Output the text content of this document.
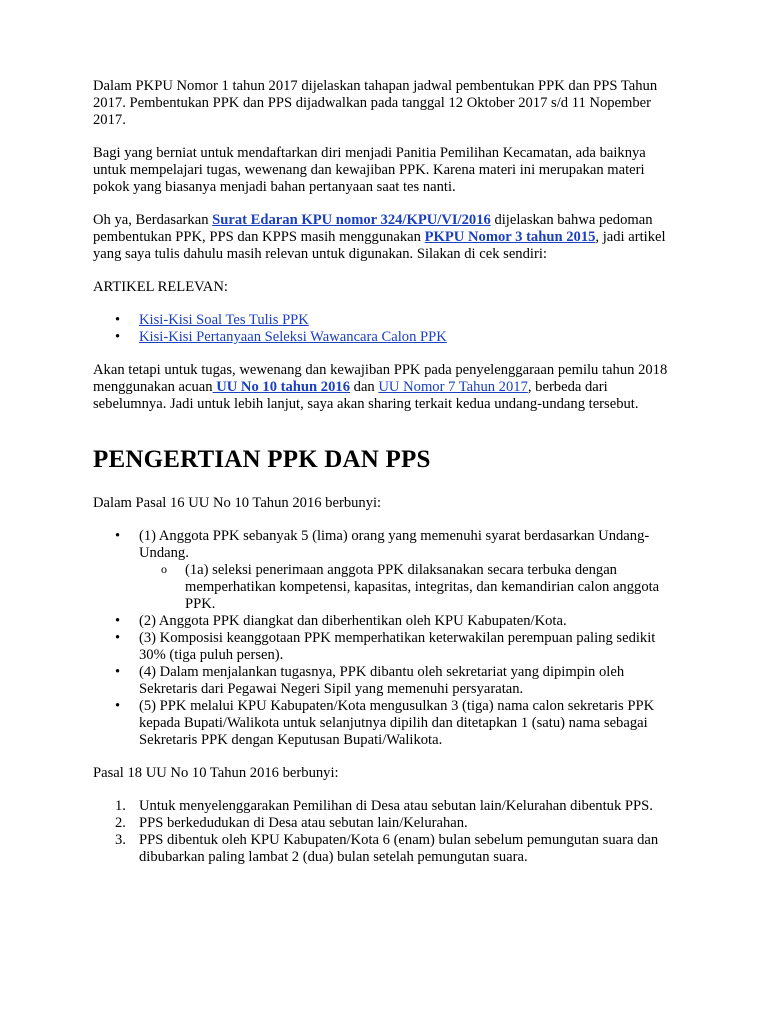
Dalam PKPU Nomor 1 tahun 2017 dijelaskan tahapan jadwal pembentukan PPK dan PPS Tahun 2017. Pembentukan PPK dan PPS dijadwalkan pada tanggal 12 Oktober 2017 s/d 11 Nopember 2017.

Bagi yang berniat untuk mendaftarkan diri menjadi Panitia Pemilihan Kecamatan, ada baiknya untuk mempelajari tugas, wewenang dan kewajiban PPK. Karena materi ini merupakan materi pokok yang biasanya menjadi bahan pertanyaan saat tes nanti.

Oh ya, Berdasarkan Surat Edaran KPU nomor 324/KPU/VI/2016 dijelaskan bahwa pedoman pembentukan PPK, PPS dan KPPS masih menggunakan PKPU Nomor 3 tahun 2015, jadi artikel yang saya tulis dahulu masih relevan untuk digunakan. Silakan di cek sendiri:

ARTIKEL RELEVAN:

• Kisi-Kisi Soal Tes Tulis PPK
• Kisi-Kisi Pertanyaan Seleksi Wawancara Calon PPK

Akan tetapi untuk tugas, wewenang dan kewajiban PPK pada penyelenggaraan pemilu tahun 2018 menggunakan acuan UU No 10 tahun 2016 dan UU Nomor 7 Tahun 2017, berbeda dari sebelumnya. Jadi untuk lebih lanjut, saya akan sharing terkait kedua undang-undang tersebut.

PENGERTIAN PPK DAN PPS

Dalam Pasal 16 UU No 10 Tahun 2016 berbunyi:

• (1) Anggota PPK sebanyak 5 (lima) orang yang memenuhi syarat berdasarkan Undang-Undang.
o (1a) seleksi penerimaan anggota PPK dilaksanakan secara terbuka dengan memperhatikan kompetensi, kapasitas, integritas, dan kemandirian calon anggota PPK.
• (2) Anggota PPK diangkat dan diberhentikan oleh KPU Kabupaten/Kota.
• (3) Komposisi keanggotaan PPK memperhatikan keterwakilan perempuan paling sedikit 30% (tiga puluh persen).
• (4) Dalam menjalankan tugasnya, PPK dibantu oleh sekretariat yang dipimpin oleh Sekretaris dari Pegawai Negeri Sipil yang memenuhi persyaratan.
• (5) PPK melalui KPU Kabupaten/Kota mengusulkan 3 (tiga) nama calon sekretaris PPK kepada Bupati/Walikota untuk selanjutnya dipilih dan ditetapkan 1 (satu) nama sebagai Sekretaris PPK dengan Keputusan Bupati/Walikota.

Pasal 18 UU No 10 Tahun 2016 berbunyi:

1. Untuk menyelenggarakan Pemilihan di Desa atau sebutan lain/Kelurahan dibentuk PPS.
2. PPS berkedudukan di Desa atau sebutan lain/Kelurahan.
3. PPS dibentuk oleh KPU Kabupaten/Kota 6 (enam) bulan sebelum pemungutan suara dan dibubarkan paling lambat 2 (dua) bulan setelah pemungutan suara.
